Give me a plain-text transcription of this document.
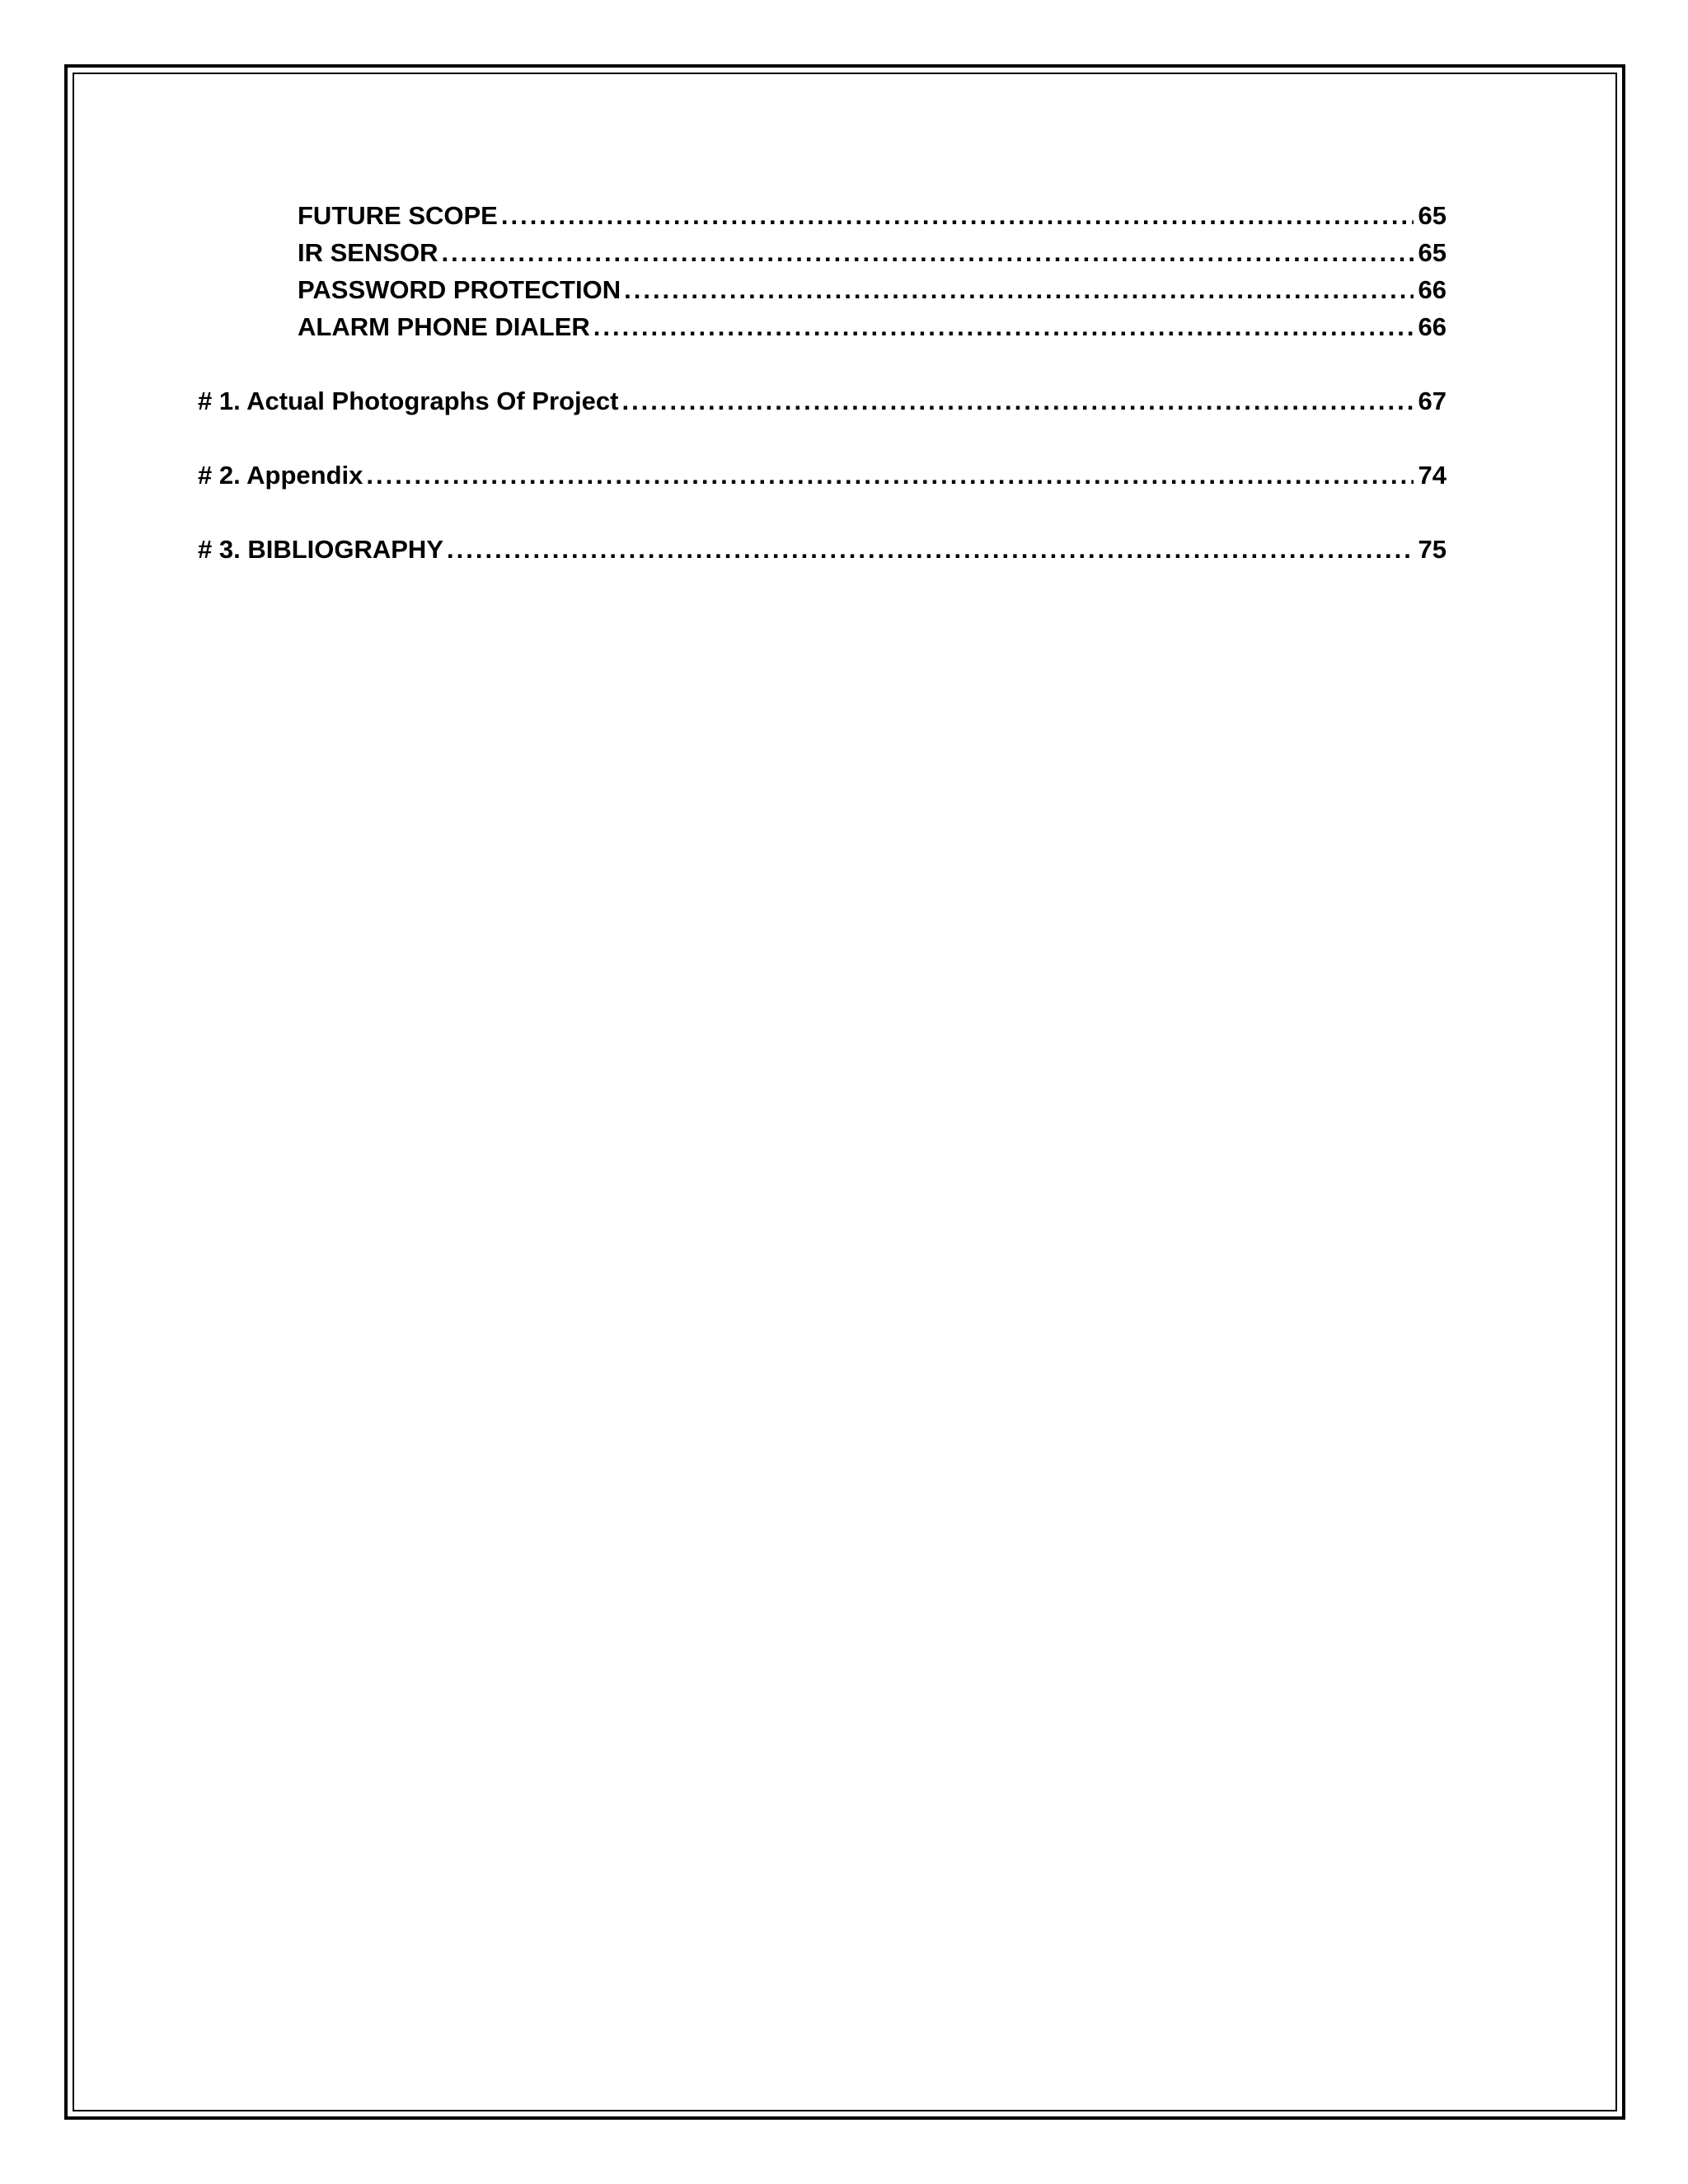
FUTURE SCOPE .....	65
IR SENSOR .....	65
PASSWORD PROTECTION .....	66
ALARM PHONE DIALER .....	66
# 1. Actual Photographs Of Project .....	67
# 2. Appendix .....	74
# 3. BIBLIOGRAPHY .....	75
